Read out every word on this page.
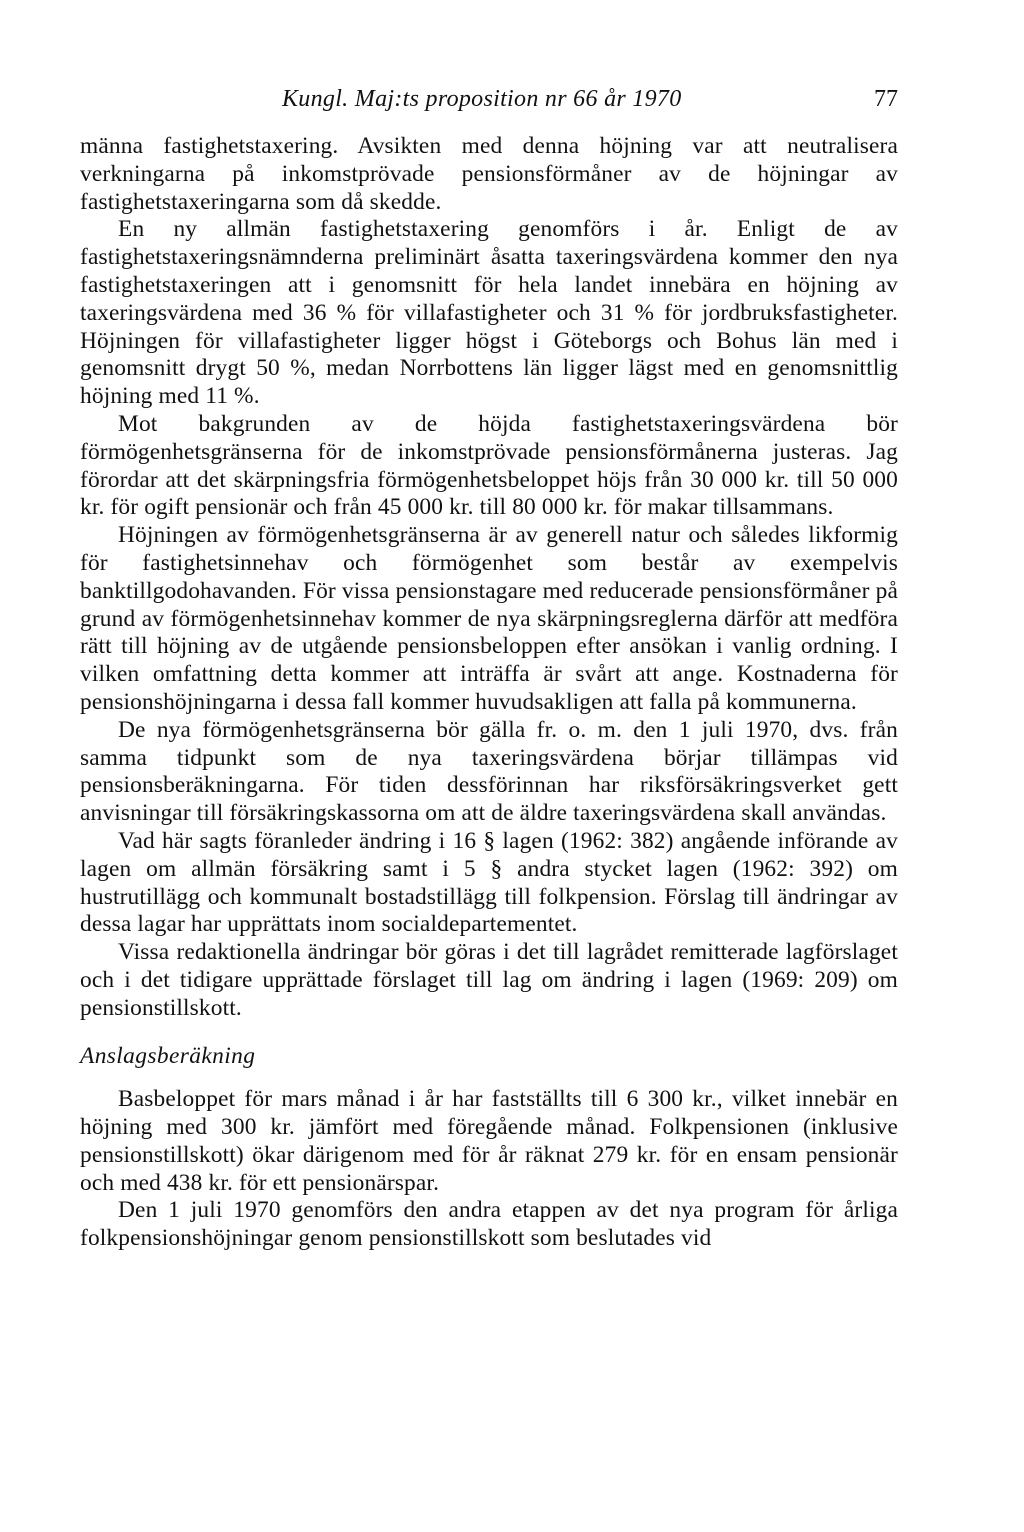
Kungl. Maj:ts proposition nr 66 år 1970	77

männa fastighetstaxering. Avsikten med denna höjning var att neutralisera verkningarna på inkomstprövade pensionsförmåner av de höjningar av fastighetstaxeringarna som då skedde.

En ny allmän fastighetstaxering genomförs i år. Enligt de av fastighetstaxeringsnämnderna preliminärt åsatta taxeringsvärdena kommer den nya fastighetstaxeringen att i genomsnitt för hela landet innebära en höjning av taxeringsvärdena med 36 % för villafastigheter och 31 % för jordbruksfastigheter. Höjningen för villafastigheter ligger högst i Göteborgs och Bohus län med i genomsnitt drygt 50 %, medan Norrbottens län ligger lägst med en genomsnittlig höjning med 11 %.

Mot bakgrunden av de höjda fastighetstaxeringsvärdena bör förmögenhetsgränserna för de inkomstprövade pensionsförmånerna justeras. Jag förordar att det skärpningsfria förmögenhetsbeloppet höjs från 30 000 kr. till 50 000 kr. för ogift pensionär och från 45 000 kr. till 80 000 kr. för makar tillsammans.

Höjningen av förmögenhetsgränserna är av generell natur och således likformig för fastighetsinnehav och förmögenhet som består av exempelvis banktillgodohavanden. För vissa pensionstagare med reducerade pensionsförmåner på grund av förmögenhetsinnehav kommer de nya skärpningsreglerna därför att medföra rätt till höjning av de utgående pensionsbeloppen efter ansökan i vanlig ordning. I vilken omfattning detta kommer att inträffa är svårt att ange. Kostnaderna för pensionshöjningarna i dessa fall kommer huvudsakligen att falla på kommunerna.

De nya förmögenhetsgränserna bör gälla fr. o. m. den 1 juli 1970, dvs. från samma tidpunkt som de nya taxeringsvärdena börjar tillämpas vid pensionsberäkningarna. För tiden dessförinnan har riksförsäkringsverket gett anvisningar till försäkringskassorna om att de äldre taxeringsvärdena skall användas.

Vad här sagts föranleder ändring i 16 § lagen (1962: 382) angående införande av lagen om allmän försäkring samt i 5 § andra stycket lagen (1962: 392) om hustrutillägg och kommunalt bostadstillägg till folkpension. Förslag till ändringar av dessa lagar har upprättats inom socialdepartementet.

Vissa redaktionella ändringar bör göras i det till lagrådet remitterade lagförslaget och i det tidigare upprättade förslaget till lag om ändring i lagen (1969: 209) om pensionstillskott.

Anslagsberäkning

Basbeloppet för mars månad i år har fastställts till 6 300 kr., vilket innebär en höjning med 300 kr. jämfört med föregående månad. Folkpensionen (inklusive pensionstillskott) ökar därigenom med för år räknat 279 kr. för en ensam pensionär och med 438 kr. för ett pensionärspar.

Den 1 juli 1970 genomförs den andra etappen av det nya program för årliga folkpensionshöjningar genom pensionstillskott som beslutades vid
